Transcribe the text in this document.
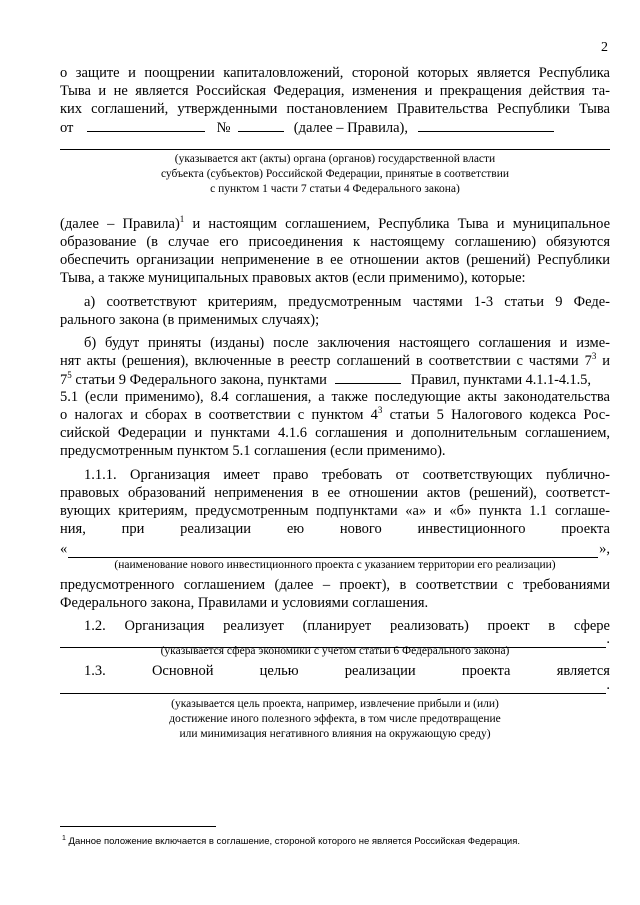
2
о защите и поощрении капиталовложений, стороной которых является Республика
Тыва и не является Российская Федерация, изменения и прекращения действия та-
ких соглашений, утвержденными постановлением Правительства Республики Тыва
от	№	(далее – Правила),
(указывается акт (акты) органа (органов) государственной власти
субъекта (субъектов) Российской Федерации, принятые в соответствии
с пунктом 1 части 7 статьи 4 Федерального закона)
(далее – Правила)$^1$ и настоящим соглашением, Республика Тыва и муниципальное
образование (в случае его присоединения к настоящему соглашению) обязуются
обеспечить организации неприменение в ее отношении актов (решений) Республики
Тыва, а также муниципальных правовых актов (если применимо), которые:
а) соответствуют критериям, предусмотренным частями 1-3 статьи 9 Феде-
рального закона (в применимых случаях);
б) будут приняты (изданы) после заключения настоящего соглашения и изме-
нят акты (решения), включенные в реестр соглашений в соответствии с частями $7^3$ и
$7^5$ статьи 9 Федерального закона, пунктами	Правил, пунктами 4.1.1-4.1.5,
5.1 (если применимо), 8.4 соглашения, а также последующие акты законодательства
о налогах и сборах в соответствии с пунктом $4^3$ статьи 5 Налогового кодекса Рос-
сийской Федерации и пунктами 4.1.6 соглашения и дополнительным соглашением,
предусмотренным пунктом 5.1 соглашения (если применимо).
1.1.1. Организация имеет право требовать от соответствующих публично-
правовых образований неприменения в ее отношении актов (решений), соответст-
вующих критериям, предусмотренным подпунктами «а» и «б» пункта 1.1 соглаше-
ния, при реализации ею нового инвестиционного проекта
«	»,
(наименование нового инвестиционного проекта с указанием территории его реализации)
предусмотренного соглашением (далее – проект), в соответствии с требованиями
Федерального закона, Правилами и условиями соглашения.
1.2. Организация реализует (планирует реализовать) проект в сфере
.
(указывается сфера экономики с учетом статьи 6 Федерального закона)
1.3.	Основной	целью	реализации	проекта	является
.
(указывается цель проекта, например, извлечение прибыли и (или)
достижение иного полезного эффекта, в том числе предотвращение
или минимизация негативного влияния на окружающую среду)
$^1$ Данное положение включается в соглашение, стороной которого не является Российская Федерация.
